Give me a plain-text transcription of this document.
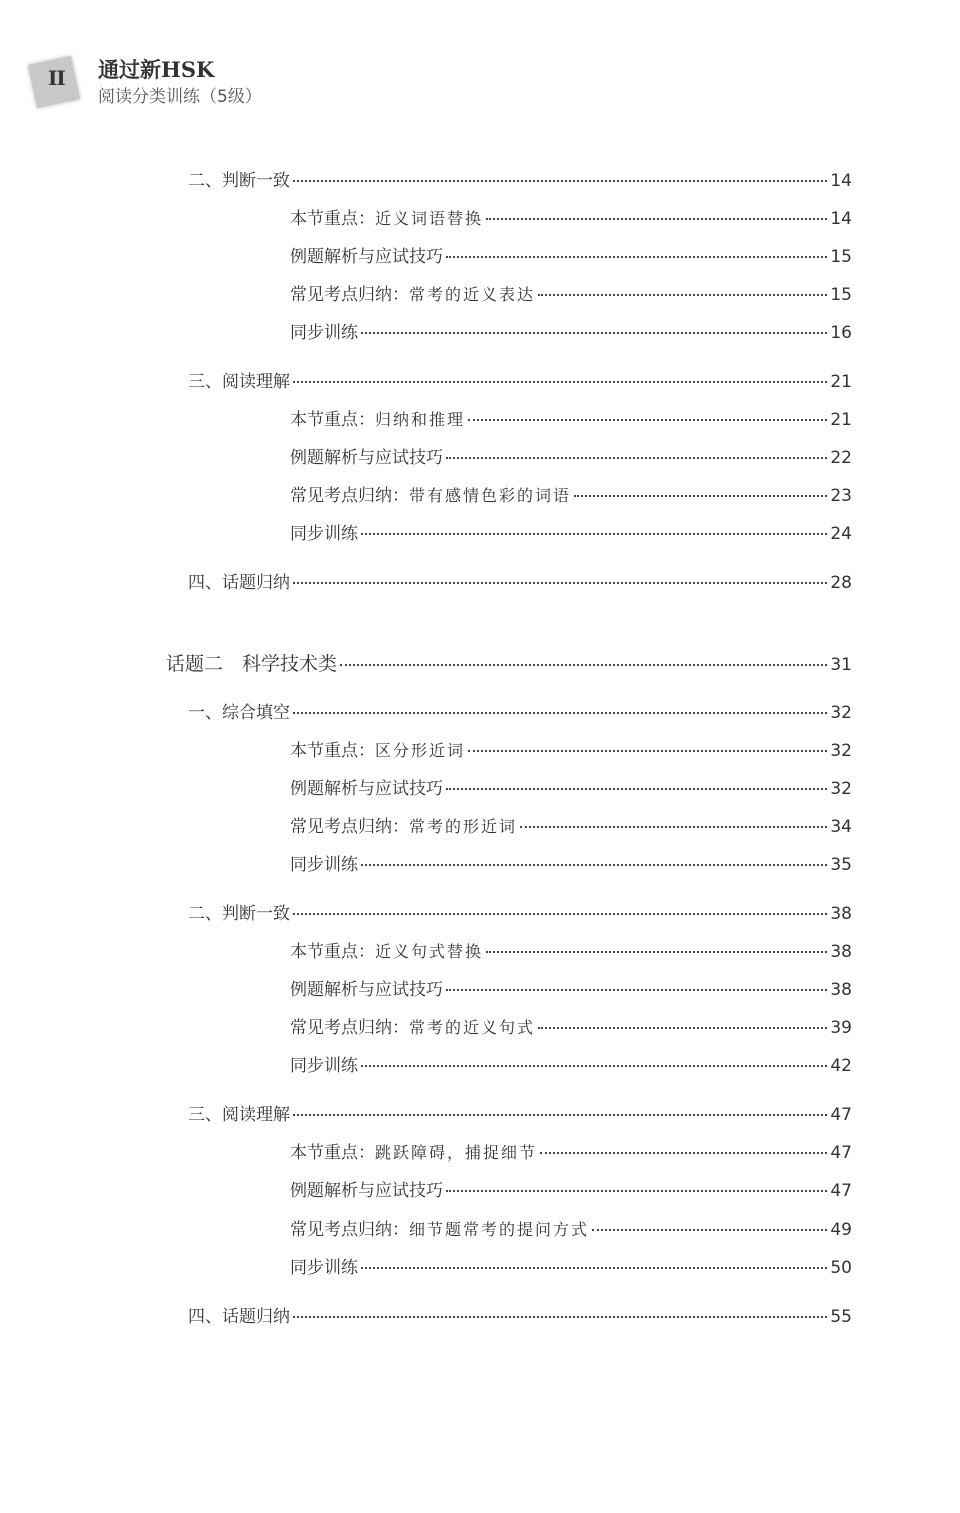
II 通过新HSK
阅读分类训练（5级）
二、判断一致	14
本节重点：近义词语替换	14
例题解析与应试技巧	15
常见考点归纳：常考的近义表达	15
同步训练	16
三、阅读理解	21
本节重点：归纳和推理	21
例题解析与应试技巧	22
常见考点归纳：带有感情色彩的词语	23
同步训练	24
四、话题归纳	28
话题二　科学技术类	31
一、综合填空	32
本节重点：区分形近词	32
例题解析与应试技巧	32
常见考点归纳：常考的形近词	34
同步训练	35
二、判断一致	38
本节重点：近义句式替换	38
例题解析与应试技巧	38
常见考点归纳：常考的近义句式	39
同步训练	42
三、阅读理解	47
本节重点：跳跃障碍，捕捉细节	47
例题解析与应试技巧	47
常见考点归纳：细节题常考的提问方式	49
同步训练	50
四、话题归纳	55
